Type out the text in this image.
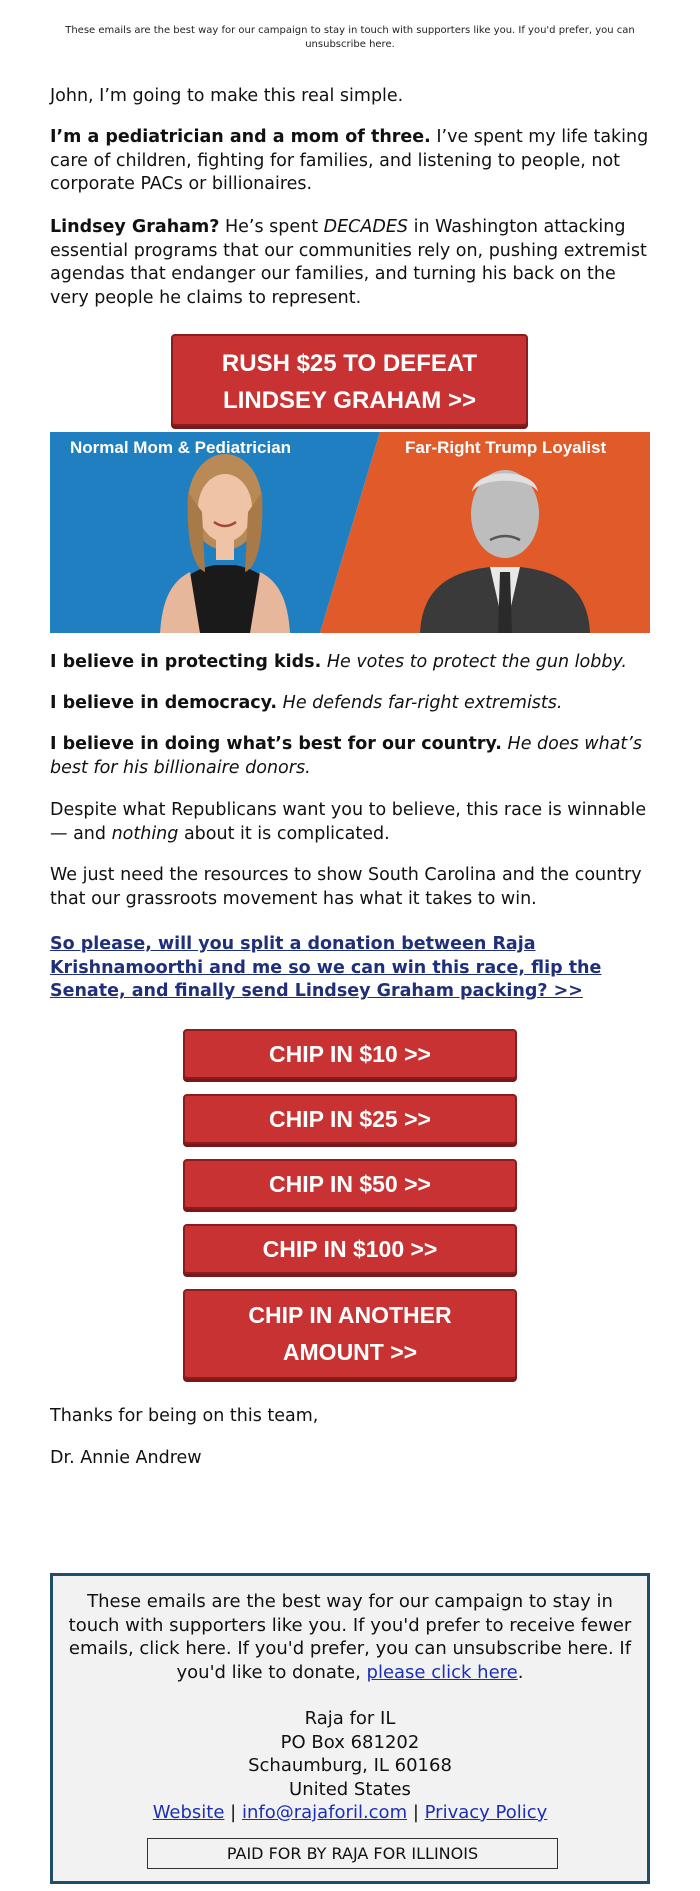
These emails are the best way for our campaign to stay in touch with supporters like you. If you'd prefer, you can unsubscribe here.

John, I’m going to make this real simple.

I’m a pediatrician and a mom of three. I’ve spent my life taking care of children, fighting for families, and listening to people, not corporate PACs or billionaires.

Lindsey Graham? He’s spent DECADES in Washington attacking essential programs that our communities rely on, pushing extremist agendas that endanger our families, and turning his back on the very people he claims to represent.

RUSH $25 TO DEFEAT
LINDSEY GRAHAM >>
Normal Mom & Pediatrician	Far-Right Trump Loyalist

I believe in protecting kids. He votes to protect the gun lobby.

I believe in democracy. He defends far-right extremists.

I believe in doing what’s best for our country. He does what’s best for his billionaire donors.

Despite what Republicans want you to believe, this race is winnable — and nothing about it is complicated.

We just need the resources to show South Carolina and the country that our grassroots movement has what it takes to win.

So please, will you split a donation between Raja Krishnamoorthi and me so we can win this race, flip the Senate, and finally send Lindsey Graham packing? >>

CHIP IN $10 >>
CHIP IN $25 >>
CHIP IN $50 >>
CHIP IN $100 >>
CHIP IN ANOTHER
AMOUNT >>

Thanks for being on this team,

Dr. Annie Andrew

These emails are the best way for our campaign to stay in touch with supporters like you. If you'd prefer to receive fewer emails, click here. If you'd prefer, you can unsubscribe here. If you'd like to donate, please click here.
Raja for IL
PO Box 681202
Schaumburg, IL 60168
United States
Website | info@rajaforil.com | Privacy Policy
PAID FOR BY RAJA FOR ILLINOIS
